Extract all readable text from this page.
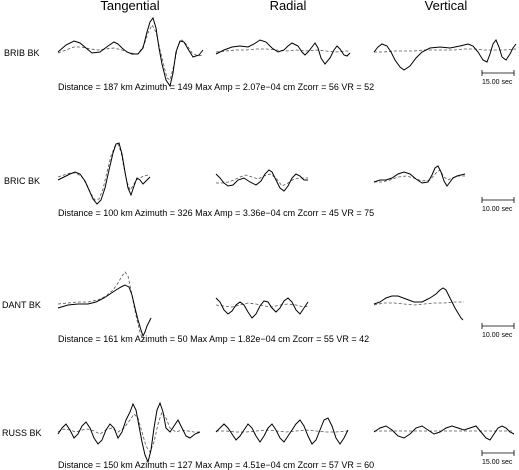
Tangential	Radial	Vertical
BRIB BK
Distance = 187 km Azimuth = 149 Max Amp = 2.07e−04 cm Zcorr = 56 VR = 52	15.00 sec
BRIC BK
Distance = 100 km Azimuth = 326 Max Amp = 3.36e−04 cm Zcorr = 45 VR = 75	10.00 sec
DANT BK
Distance = 161 km Azimuth = 50 Max Amp = 1.82e−04 cm Zcorr = 55 VR = 42	10.00 sec
RUSS BK
Distance = 150 km Azimuth = 127 Max Amp = 4.51e−04 cm Zcorr = 57 VR = 60	15.00 sec
